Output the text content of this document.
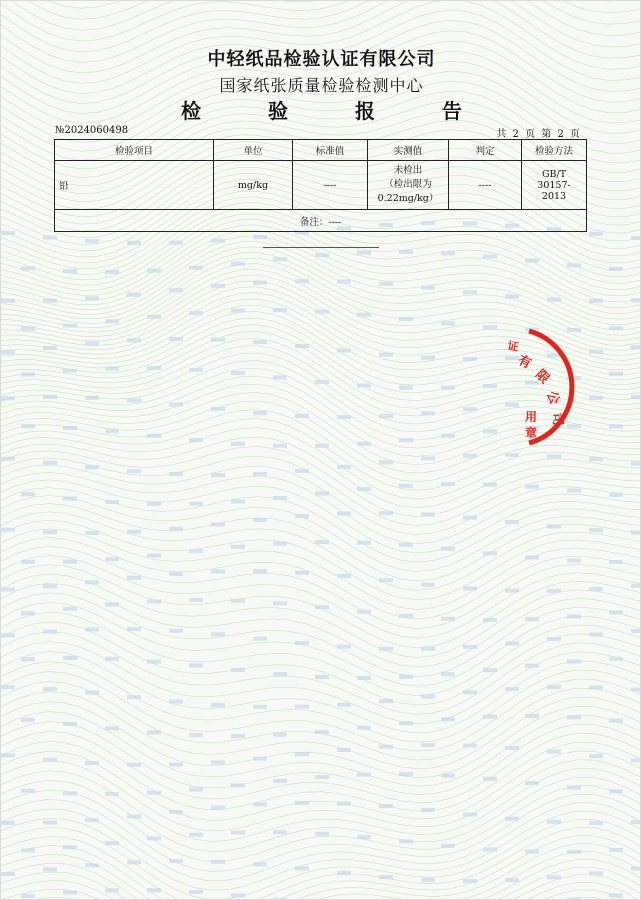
中轻纸品检验认证有限公司
国家纸张质量检验检测中心
检 验 报 告
№2024060498	共 2 页 第 2 页
检验项目	单位	标准值	实测值	判定	检验方法
铅	mg/kg	----	未检出
（检出限为
0.22mg/kg）	----	GB/T 30157-2013
备注：----					
有
限
公
司
用
章
证
